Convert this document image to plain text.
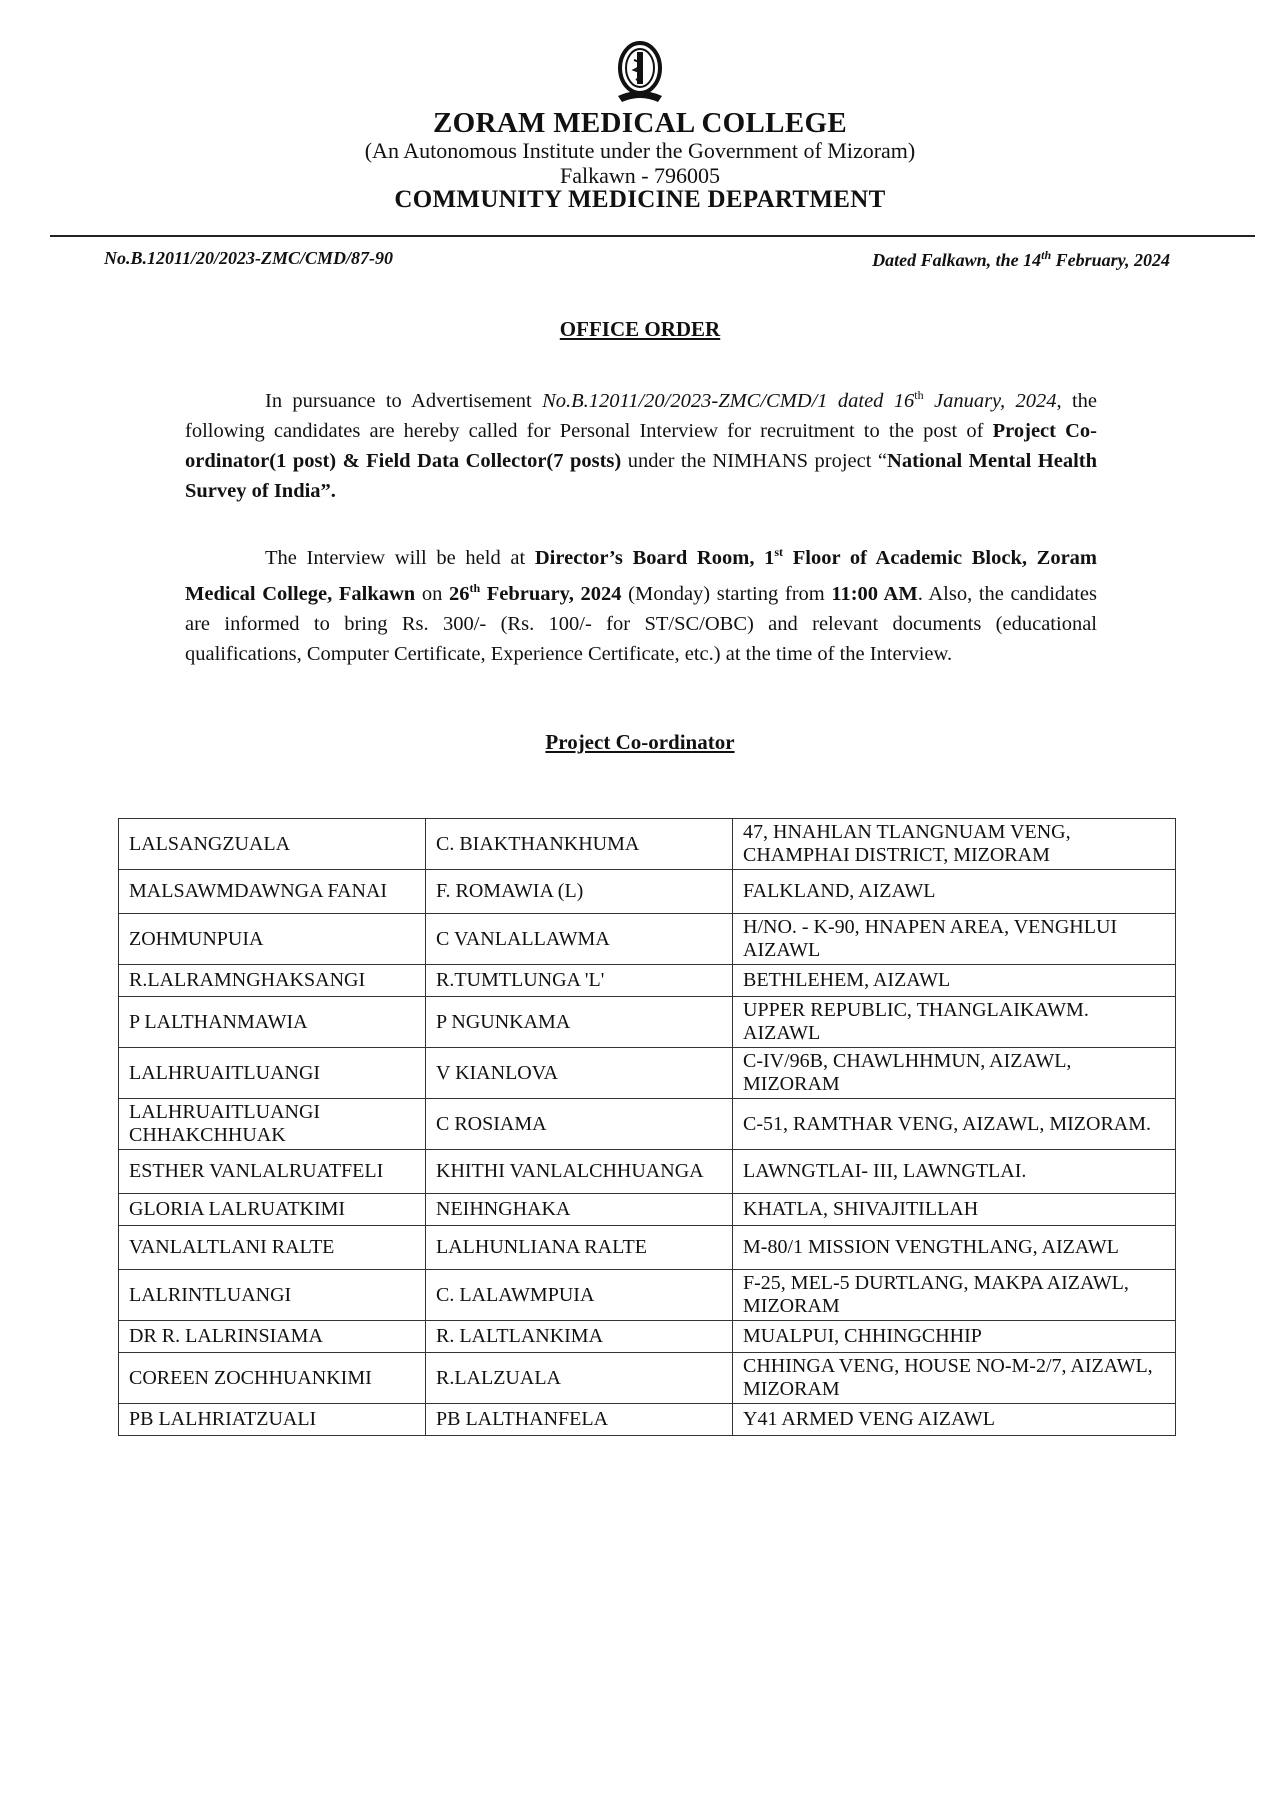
ZORAM MEDICAL COLLEGE
(An Autonomous Institute under the Government of Mizoram)
Falkawn - 796005
COMMUNITY MEDICINE DEPARTMENT
No.B.12011/20/2023-ZMC/CMD/87-90	Dated Falkawn, the 14th February, 2024
OFFICE ORDER
In pursuance to Advertisement No.B.12011/20/2023-ZMC/CMD/1 dated 16th January, 2024, the following candidates are hereby called for Personal Interview for recruitment to the post of Project Co-ordinator(1 post) & Field Data Collector(7 posts) under the NIMHANS project “National Mental Health Survey of India”.
The Interview will be held at Director’s Board Room, 1st Floor of Academic Block, Zoram Medical College, Falkawn on 26th February, 2024 (Monday) starting from 11:00 AM. Also, the candidates are informed to bring Rs. 300/- (Rs. 100/- for ST/SC/OBC) and relevant documents (educational qualifications, Computer Certificate, Experience Certificate, etc.) at the time of the Interview.
Project Co-ordinator
LALSANGZUALA	C. BIAKTHANKHUMA	47, HNAHLAN TLANGNUAM VENG, CHAMPHAI DISTRICT, MIZORAM
MALSAWMDAWNGA FANAI	F. ROMAWIA (L)	FALKLAND, AIZAWL
ZOHMUNPUIA	C VANLALLAWMA	H/NO. - K-90, HNAPEN AREA, VENGHLUI AIZAWL
R.LALRAMNGHAKSANGI	R.TUMTLUNGA 'L'	BETHLEHEM, AIZAWL
P LALTHANMAWIA	P NGUNKAMA	UPPER REPUBLIC, THANGLAIKAWM. AIZAWL
LALHRUAITLUANGI	V KIANLOVA	C-IV/96B, CHAWLHHMUN, AIZAWL, MIZORAM
LALHRUAITLUANGI CHHAKCHHUAK	C ROSIAMA	C-51, RAMTHAR VENG, AIZAWL, MIZORAM.
ESTHER VANLALRUATFELI	KHITHI VANLALCHHUANGA	LAWNGTLAI- III, LAWNGTLAI.
GLORIA LALRUATKIMI	NEIHNGHAKA	KHATLA, SHIVAJITILLAH
VANLALTLANI RALTE	LALHUNLIANA RALTE	M-80/1 MISSION VENGTHLANG, AIZAWL
LALRINTLUANGI	C. LALAWMPUIA	F-25, MEL-5 DURTLANG, MAKPA AIZAWL, MIZORAM
DR R. LALRINSIAMA	R. LALTLANKIMA	MUALPUI, CHHINGCHHIP
COREEN ZOCHHUANKIMI	R.LALZUALA	CHHINGA VENG, HOUSE NO-M-2/7, AIZAWL, MIZORAM
PB LALHRIATZUALI	PB LALTHANFELA	Y41 ARMED VENG AIZAWL
